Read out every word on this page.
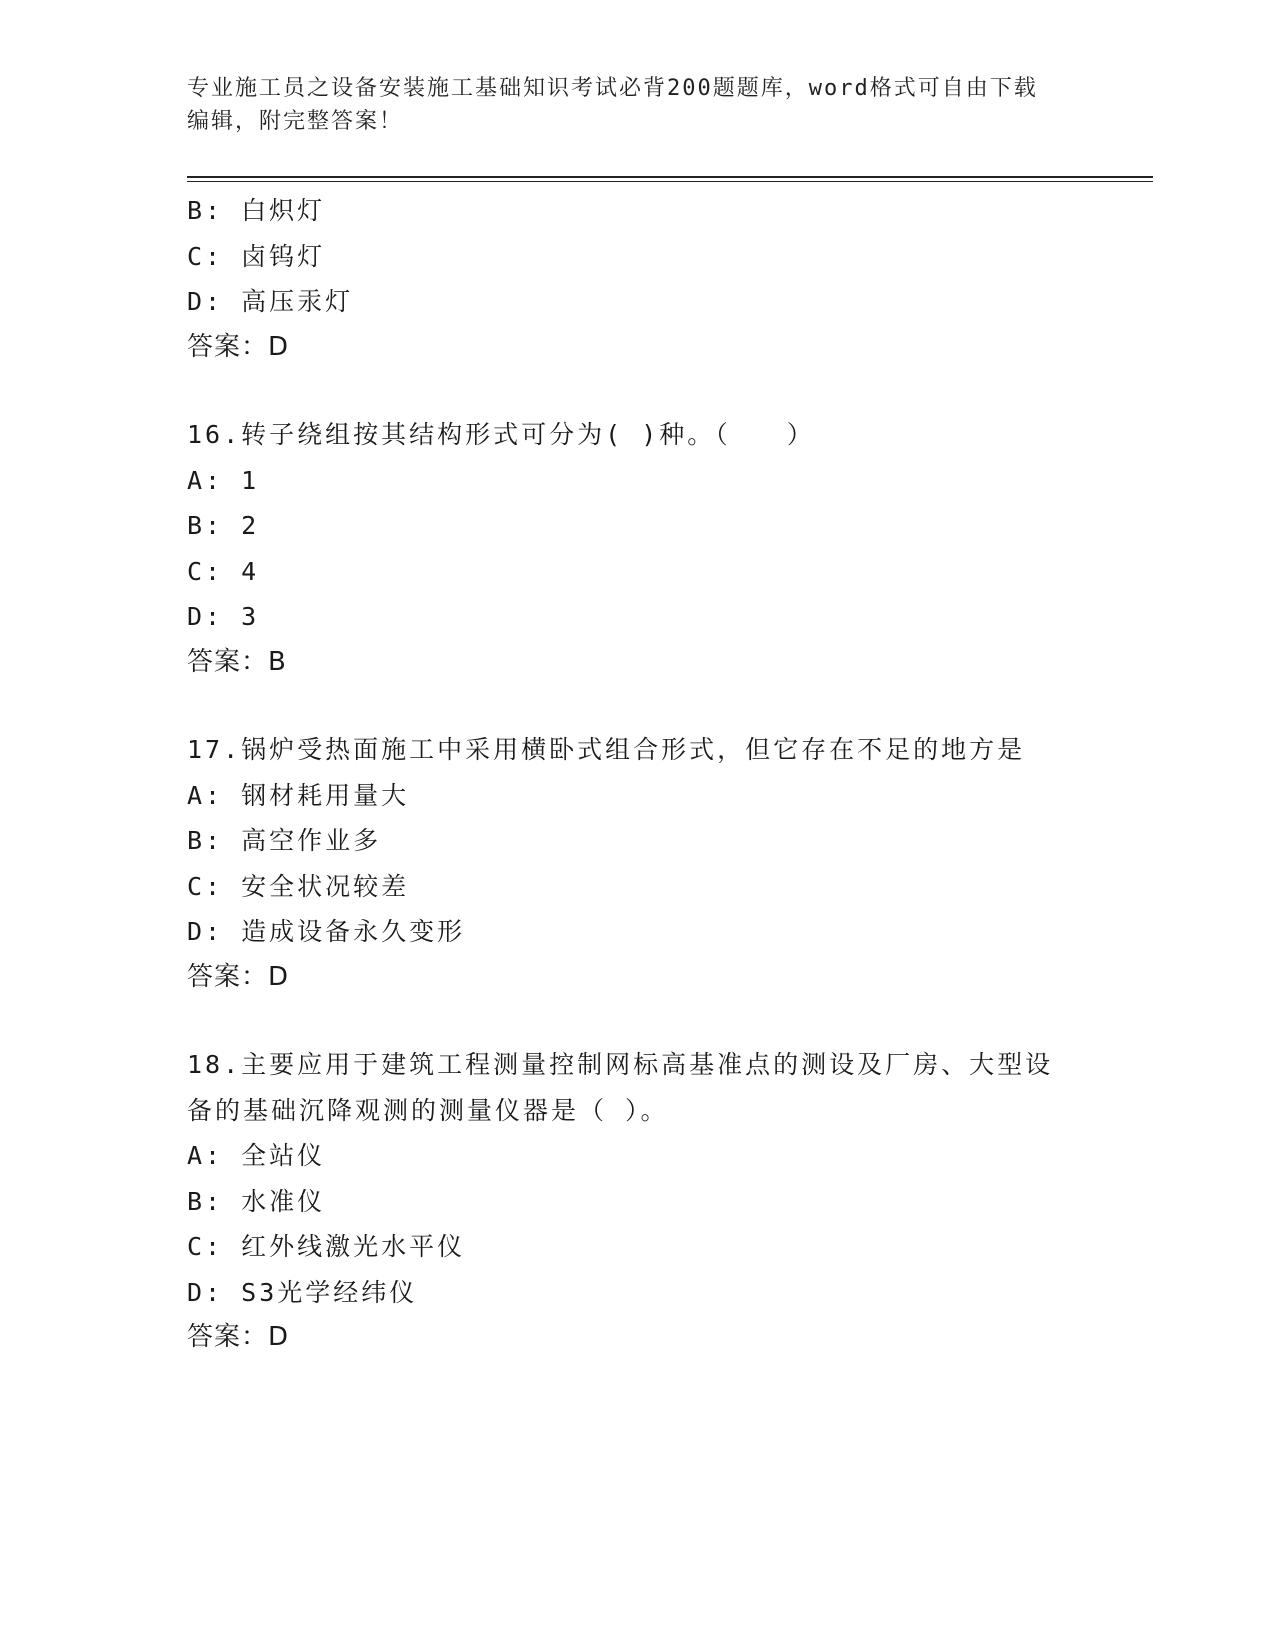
专业施工员之设备安装施工基础知识考试必背200题题库，word格式可自由下载
编辑，附完整答案！
B: 白炽灯
C: 卤钨灯
D: 高压汞灯
答案：D
16.转子绕组按其结构形式可分为( )种。（　　）
A: 1
B: 2
C: 4
D: 3
答案：B
17.锅炉受热面施工中采用横卧式组合形式，但它存在不足的地方是
A: 钢材耗用量大
B: 高空作业多
C: 安全状况较差
D: 造成设备永久变形
答案：D
18.主要应用于建筑工程测量控制网标高基准点的测设及厂房、大型设
备的基础沉降观测的测量仪器是（ ）。
A: 全站仪
B: 水准仪
C: 红外线激光水平仪
D: S3光学经纬仪
答案：D
